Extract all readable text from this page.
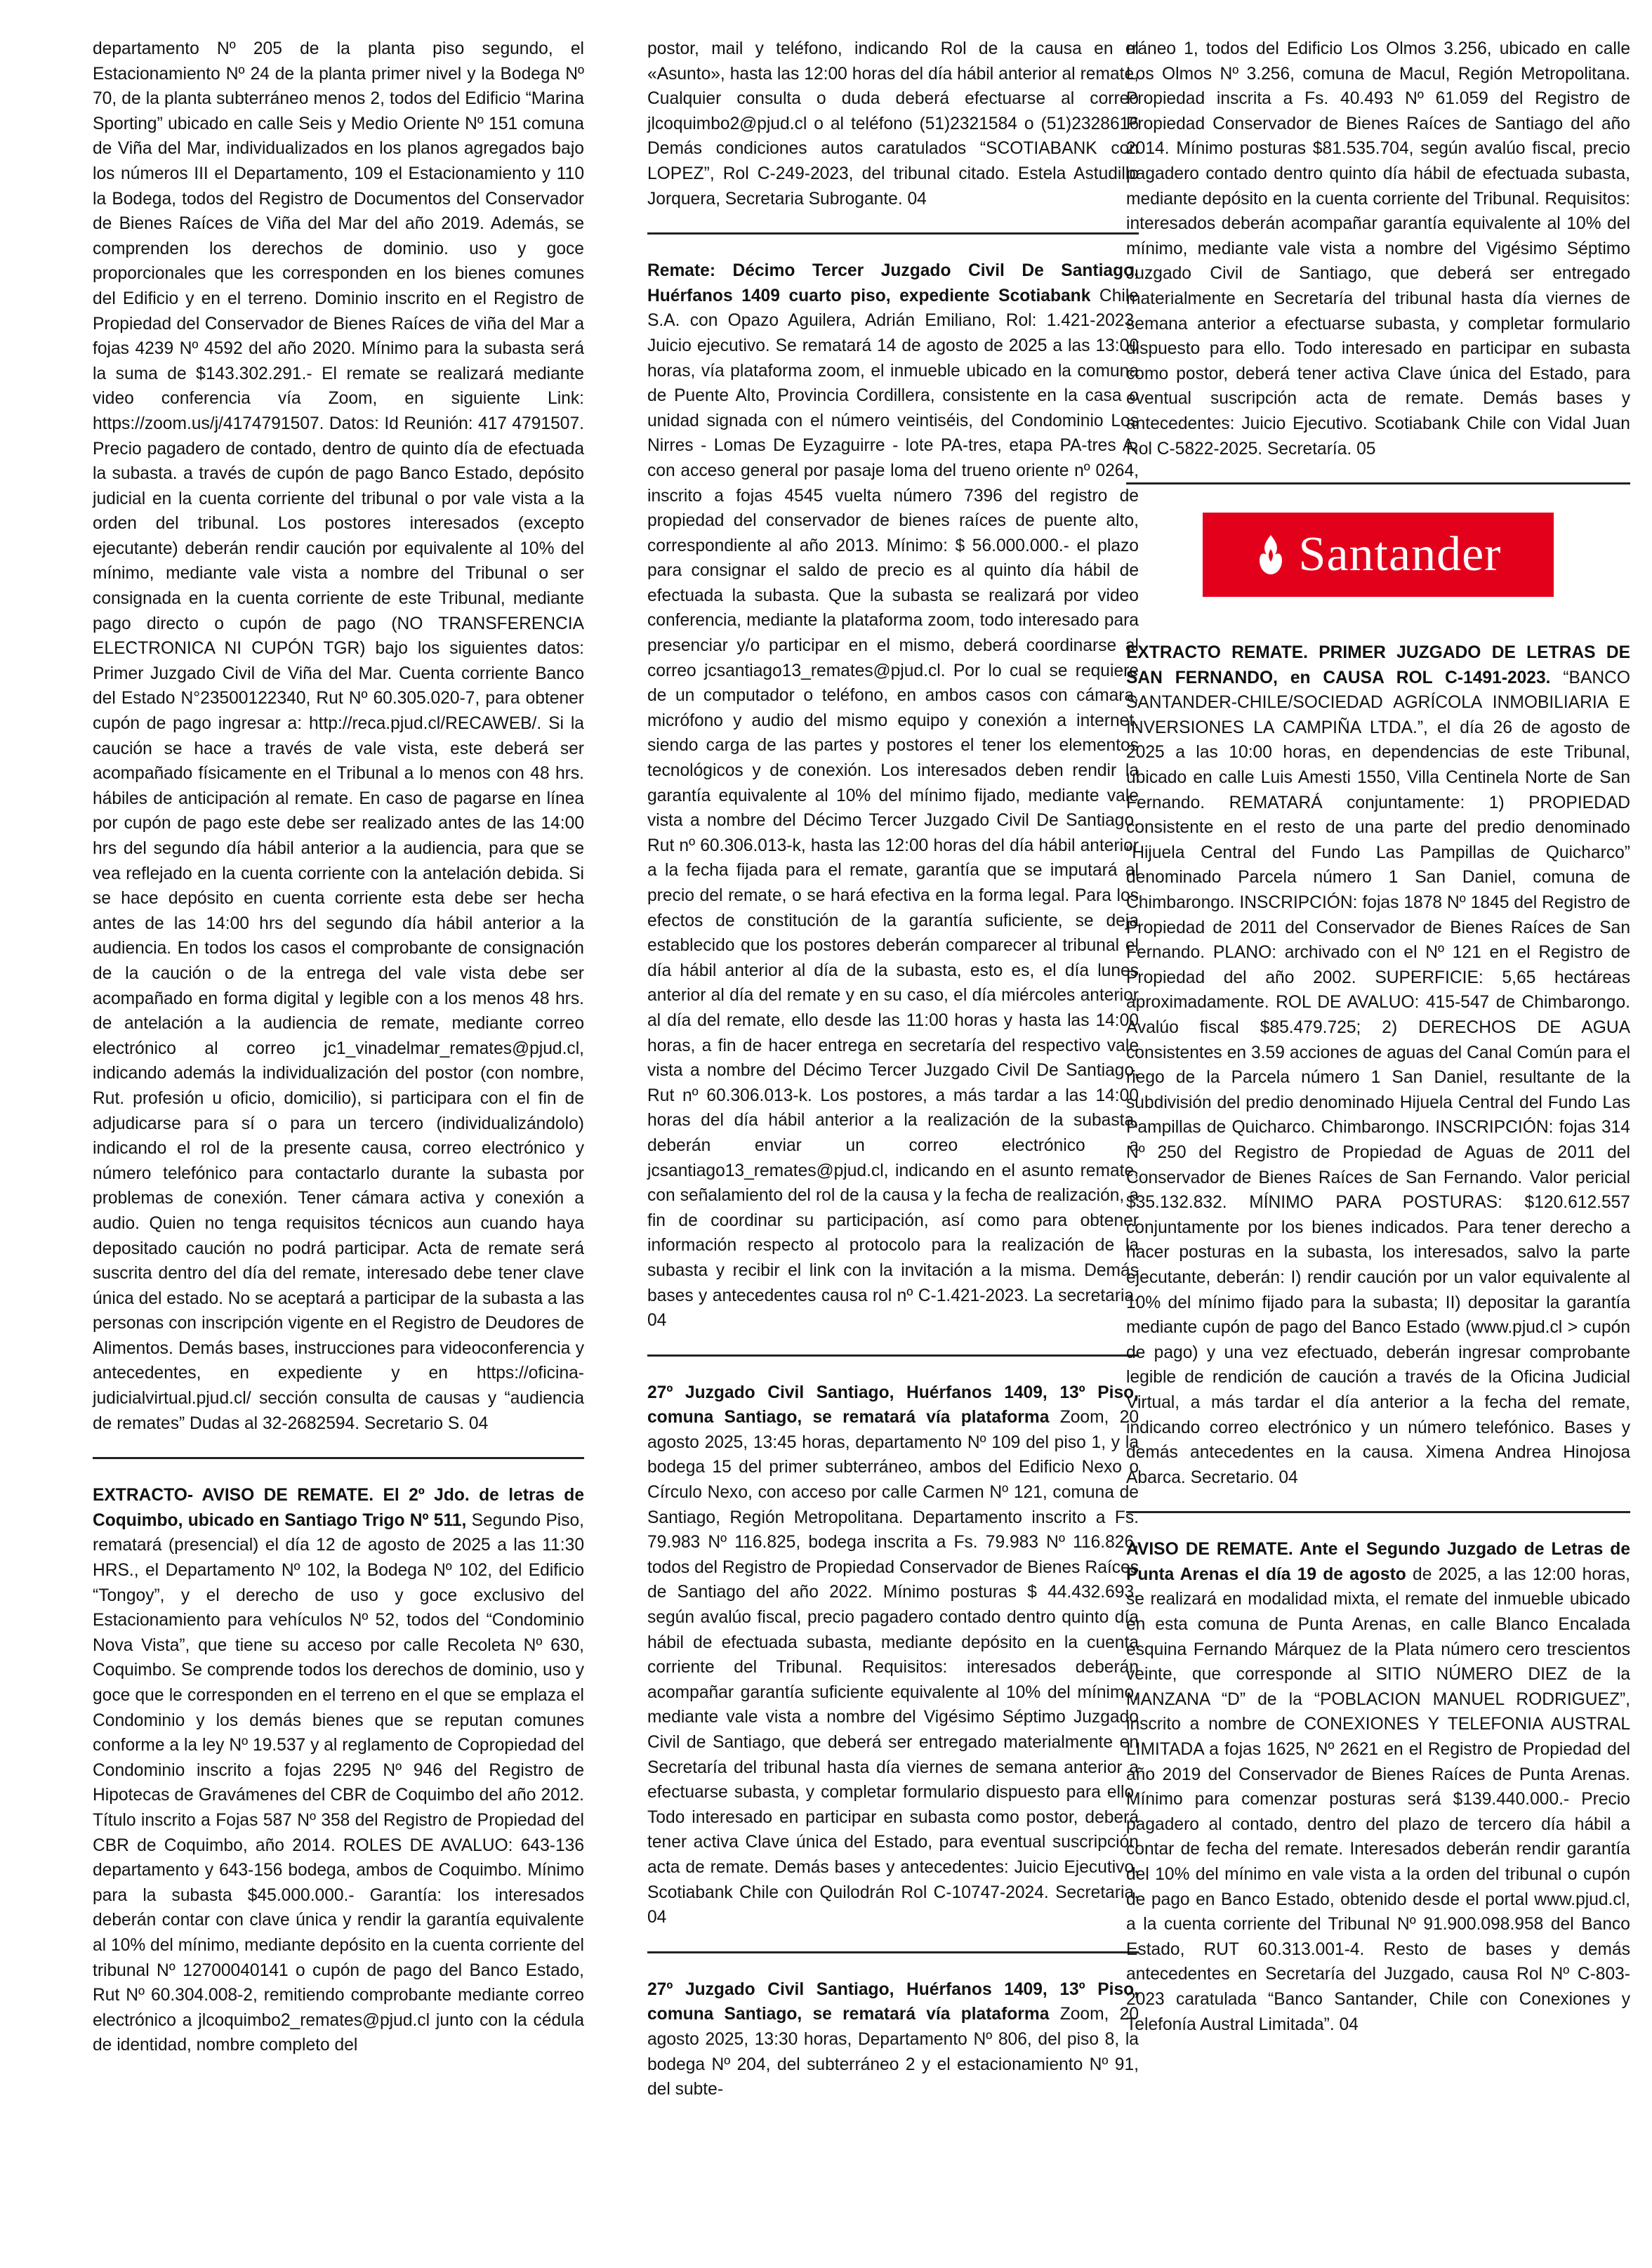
departamento Nº 205 de la planta piso segundo, el Estacionamiento Nº 24 de la planta primer nivel y la Bodega Nº 70, de la planta subterráneo menos 2, todos del Edificio “Marina Sporting” ubicado en calle Seis y Medio Oriente Nº 151 comuna de Viña del Mar, individualizados en los planos agregados bajo los números III el Departamento, 109 el Estacionamiento y 110 la Bodega, todos del Registro de Documentos del Conservador de Bienes Raíces de Viña del Mar del año 2019. Además, se comprenden los derechos de dominio. uso y goce proporcionales que les corresponden en los bienes comunes del Edificio y en el terreno. Dominio inscrito en el Registro de Propiedad del Conservador de Bienes Raíces de viña del Mar a fojas 4239 Nº 4592 del año 2020. Mínimo para la subasta será la suma de $143.302.291.- El remate se realizará mediante video conferencia vía Zoom, en siguiente Link: https://zoom.us/j/4174791507. Datos: Id Reunión: 417 4791507. Precio pagadero de contado, dentro de quinto día de efectuada la subasta. a través de cupón de pago Banco Estado, depósito judicial en la cuenta corriente del tribunal o por vale vista a la orden del tribunal. Los postores interesados (excepto ejecutante) deberán rendir caución por equivalente al 10% del mínimo, mediante vale vista a nombre del Tribunal o ser consignada en la cuenta corriente de este Tribunal, mediante pago directo o cupón de pago (NO TRANSFERENCIA ELECTRONICA NI CUPÓN TGR) bajo los siguientes datos: Primer Juzgado Civil de Viña del Mar. Cuenta corriente Banco del Estado N°23500122340, Rut Nº 60.305.020-7, para obtener cupón de pago ingresar a: http://reca.pjud.cl/RECAWEB/. Si la caución se hace a través de vale vista, este deberá ser acompañado físicamente en el Tribunal a lo menos con 48 hrs. hábiles de anticipación al remate. En caso de pagarse en línea por cupón de pago este debe ser realizado antes de las 14:00 hrs del segundo día hábil anterior a la audiencia, para que se vea reflejado en la cuenta corriente con la antelación debida. Si se hace depósito en cuenta corriente esta debe ser hecha antes de las 14:00 hrs del segundo día hábil anterior a la audiencia. En todos los casos el comprobante de consignación de la caución o de la entrega del vale vista debe ser acompañado en forma digital y legible con a los menos 48 hrs. de antelación a la audiencia de remate, mediante correo electrónico al correo jc1_vinadelmar_remates@pjud.cl, indicando además la individualización del postor (con nombre, Rut. profesión u oficio, domicilio), si participara con el fin de adjudicarse para sí o para un tercero (individualizándolo) indicando el rol de la presente causa, correo electrónico y número telefónico para contactarlo durante la subasta por problemas de conexión. Tener cámara activa y conexión a audio. Quien no tenga requisitos técnicos aun cuando haya depositado caución no podrá participar. Acta de remate será suscrita dentro del día del remate, interesado debe tener clave única del estado. No se aceptará a participar de la subasta a las personas con inscripción vigente en el Registro de Deudores de Alimentos. Demás bases, instrucciones para videoconferencia y antecedentes, en expediente y en https://oficina-judicialvirtual.pjud.cl/ sección consulta de causas y “audiencia de remates” Dudas al 32-2682594. Secretario S. 04

EXTRACTO- AVISO DE REMATE. El 2º Jdo. de letras de Coquimbo, ubicado en Santiago Trigo Nº 511, Segundo Piso, rematará (presencial) el día 12 de agosto de 2025 a las 11:30 HRS., el Departamento Nº 102, la Bodega Nº 102, del Edificio “Tongoy”, y el derecho de uso y goce exclusivo del Estacionamiento para vehículos Nº 52, todos del “Condominio Nova Vista”, que tiene su acceso por calle Recoleta Nº 630, Coquimbo. Se comprende todos los derechos de dominio, uso y goce que le corresponden en el terreno en el que se emplaza el Condominio y los demás bienes que se reputan comunes conforme a la ley Nº 19.537 y al reglamento de Copropiedad del Condominio inscrito a fojas 2295 Nº 946 del Registro de Hipotecas de Gravámenes del CBR de Coquimbo del año 2012. Título inscrito a Fojas 587 Nº 358 del Registro de Propiedad del CBR de Coquimbo, año 2014. ROLES DE AVALUO: 643-136 departamento y 643-156 bodega, ambos de Coquimbo. Mínimo para la subasta $45.000.000.- Garantía: los interesados deberán contar con clave única y rendir la garantía equivalente al 10% del mínimo, mediante depósito en la cuenta corriente del tribunal Nº 12700040141 o cupón de pago del Banco Estado, Rut Nº 60.304.008-2, remitiendo comprobante mediante correo electrónico a jlcoquimbo2_remates@pjud.cl junto con la cédula de identidad, nombre completo del

postor, mail y teléfono, indicando Rol de la causa en el «Asunto», hasta las 12:00 horas del día hábil anterior al remate, Cualquier consulta o duda deberá efectuarse al correo jlcoquimbo2@pjud.cl o al teléfono (51)2321584 o (51)2328616 Demás condiciones autos caratulados “SCOTIABANK con LOPEZ”, Rol C-249-2023, del tribunal citado. Estela Astudillo Jorquera, Secretaria Subrogante. 04

Remate: Décimo Tercer Juzgado Civil De Santiago, Huérfanos 1409 cuarto piso, expediente Scotiabank Chile S.A. con Opazo Aguilera, Adrián Emiliano, Rol: 1.421-2023. Juicio ejecutivo. Se rematará 14 de agosto de 2025 a las 13:00 horas, vía plataforma zoom, el inmueble ubicado en la comuna de Puente Alto, Provincia Cordillera, consistente en la casa o unidad signada con el número veintiséis, del Condominio Los Nirres - Lomas De Eyzaguirre - lote PA-tres, etapa PA-tres A, con acceso general por pasaje loma del trueno oriente nº 0264, inscrito a fojas 4545 vuelta número 7396 del registro de propiedad del conservador de bienes raíces de puente alto, correspondiente al año 2013. Mínimo: $ 56.000.000.- el plazo para consignar el saldo de precio es al quinto día hábil de efectuada la subasta. Que la subasta se realizará por video conferencia, mediante la plataforma zoom, todo interesado para presenciar y/o participar en el mismo, deberá coordinarse al correo jcsantiago13_remates@pjud.cl. Por lo cual se requiere de un computador o teléfono, en ambos casos con cámara, micrófono y audio del mismo equipo y conexión a internet, siendo carga de las partes y postores el tener los elementos tecnológicos y de conexión. Los interesados deben rendir la garantía equivalente al 10% del mínimo fijado, mediante vale vista a nombre del Décimo Tercer Juzgado Civil De Santiago, Rut nº 60.306.013-k, hasta las 12:00 horas del día hábil anterior a la fecha fijada para el remate, garantía que se imputará al precio del remate, o se hará efectiva en la forma legal. Para los efectos de constitución de la garantía suficiente, se deja establecido que los postores deberán comparecer al tribunal el día hábil anterior al día de la subasta, esto es, el día lunes anterior al día del remate y en su caso, el día miércoles anterior al día del remate, ello desde las 11:00 horas y hasta las 14:00 horas, a fin de hacer entrega en secretaría del respectivo vale vista a nombre del Décimo Tercer Juzgado Civil De Santiago, Rut nº 60.306.013-k. Los postores, a más tardar a las 14:00 horas del día hábil anterior a la realización de la subasta, deberán enviar un correo electrónico a jcsantiago13_remates@pjud.cl, indicando en el asunto remate, con señalamiento del rol de la causa y la fecha de realización, a fin de coordinar su participación, así como para obtener información respecto al protocolo para la realización de la subasta y recibir el link con la invitación a la misma. Demás bases y antecedentes causa rol nº C-1.421-2023. La secretaria. 04

27º Juzgado Civil Santiago, Huérfanos 1409, 13º Piso, comuna Santiago, se rematará vía plataforma Zoom, 20 agosto 2025, 13:45 horas, departamento Nº 109 del piso 1, y la bodega 15 del primer subterráneo, ambos del Edificio Nexo o Círculo Nexo, con acceso por calle Carmen Nº 121, comuna de Santiago, Región Metropolitana. Departamento inscrito a Fs. 79.983 Nº 116.825, bodega inscrita a Fs. 79.983 Nº 116.826, todos del Registro de Propiedad Conservador de Bienes Raíces de Santiago del año 2022. Mínimo posturas $ 44.432.693, según avalúo fiscal, precio pagadero contado dentro quinto día hábil de efectuada subasta, mediante depósito en la cuenta corriente del Tribunal. Requisitos: interesados deberán acompañar garantía suficiente equivalente al 10% del mínimo, mediante vale vista a nombre del Vigésimo Séptimo Juzgado Civil de Santiago, que deberá ser entregado materialmente en Secretaría del tribunal hasta día viernes de semana anterior a efectuarse subasta, y completar formulario dispuesto para ello. Todo interesado en participar en subasta como postor, deberá tener activa Clave única del Estado, para eventual suscripción acta de remate. Demás bases y antecedentes: Juicio Ejecutivo. Scotiabank Chile con Quilodrán Rol C-10747-2024. Secretaria. 04

27º Juzgado Civil Santiago, Huérfanos 1409, 13º Piso, comuna Santiago, se rematará vía plataforma Zoom, 20 agosto 2025, 13:30 horas, Departamento Nº 806, del piso 8, la bodega Nº 204, del subterráneo 2 y el estacionamiento Nº 91, del subte-

rráneo 1, todos del Edificio Los Olmos 3.256, ubicado en calle Los Olmos Nº 3.256, comuna de Macul, Región Metropolitana. Propiedad inscrita a Fs. 40.493 Nº 61.059 del Registro de Propiedad Conservador de Bienes Raíces de Santiago del año 2014. Mínimo posturas $81.535.704, según avalúo fiscal, precio pagadero contado dentro quinto día hábil de efectuada subasta, mediante depósito en la cuenta corriente del Tribunal. Requisitos: interesados deberán acompañar garantía equivalente al 10% del mínimo, mediante vale vista a nombre del Vigésimo Séptimo Juzgado Civil de Santiago, que deberá ser entregado materialmente en Secretaría del tribunal hasta día viernes de semana anterior a efectuarse subasta, y completar formulario dispuesto para ello. Todo interesado en participar en subasta como postor, deberá tener activa Clave única del Estado, para eventual suscripción acta de remate. Demás bases y antecedentes: Juicio Ejecutivo. Scotiabank Chile con Vidal Juan Rol C-5822-2025. Secretaría. 05

Santander

EXTRACTO REMATE. PRIMER JUZGADO DE LETRAS DE SAN FERNANDO, en CAUSA ROL C-1491-2023. “BANCO SANTANDER-CHILE/SOCIEDAD AGRÍCOLA INMOBILIARIA E INVERSIONES LA CAMPIÑA LTDA.”, el día 26 de agosto de 2025 a las 10:00 horas, en dependencias de este Tribunal, ubicado en calle Luis Amesti 1550, Villa Centinela Norte de San Fernando. REMATARÁ conjuntamente: 1) PROPIEDAD consistente en el resto de una parte del predio denominado “Hijuela Central del Fundo Las Pampillas de Quicharco” denominado Parcela número 1 San Daniel, comuna de Chimbarongo. INSCRIPCIÓN: fojas 1878 Nº 1845 del Registro de Propiedad de 2011 del Conservador de Bienes Raíces de San Fernando. PLANO: archivado con el Nº 121 en el Registro de Propiedad del año 2002. SUPERFICIE: 5,65 hectáreas aproximadamente. ROL DE AVALUO: 415-547 de Chimbarongo. Avalúo fiscal $85.479.725; 2) DERECHOS DE AGUA consistentes en 3.59 acciones de aguas del Canal Común para el riego de la Parcela número 1 San Daniel, resultante de la subdivisión del predio denominado Hijuela Central del Fundo Las Pampillas de Quicharco. Chimbarongo. INSCRIPCIÓN: fojas 314 Nº 250 del Registro de Propiedad de Aguas de 2011 del Conservador de Bienes Raíces de San Fernando. Valor pericial $35.132.832. MÍNIMO PARA POSTURAS: $120.612.557 conjuntamente por los bienes indicados. Para tener derecho a hacer posturas en la subasta, los interesados, salvo la parte ejecutante, deberán: I) rendir caución por un valor equivalente al 10% del mínimo fijado para la subasta; II) depositar la garantía mediante cupón de pago del Banco Estado (www.pjud.cl > cupón de pago) y una vez efectuado, deberán ingresar comprobante legible de rendición de caución a través de la Oficina Judicial Virtual, a más tardar el día anterior a la fecha del remate, indicando correo electrónico y un número telefónico. Bases y demás antecedentes en la causa. Ximena Andrea Hinojosa Abarca. Secretario. 04

AVISO DE REMATE. Ante el Segundo Juzgado de Letras de Punta Arenas el día 19 de agosto de 2025, a las 12:00 horas, se realizará en modalidad mixta, el remate del inmueble ubicado en esta comuna de Punta Arenas, en calle Blanco Encalada esquina Fernando Márquez de la Plata número cero trescientos veinte, que corresponde al SITIO NÚMERO DIEZ de la MANZANA “D” de la “POBLACION MANUEL RODRIGUEZ”, inscrito a nombre de CONEXIONES Y TELEFONIA AUSTRAL LIMITADA a fojas 1625, Nº 2621 en el Registro de Propiedad del año 2019 del Conservador de Bienes Raíces de Punta Arenas. Mínimo para comenzar posturas será $139.440.000.- Precio pagadero al contado, dentro del plazo de tercero día hábil a contar de fecha del remate. Interesados deberán rendir garantía del 10% del mínimo en vale vista a la orden del tribunal o cupón de pago en Banco Estado, obtenido desde el portal www.pjud.cl, a la cuenta corriente del Tribunal Nº 91.900.098.958 del Banco Estado, RUT 60.313.001-4. Resto de bases y demás antecedentes en Secretaría del Juzgado, causa Rol Nº C-803-2023 caratulada “Banco Santander, Chile con Conexiones y Telefonía Austral Limitada”. 04
